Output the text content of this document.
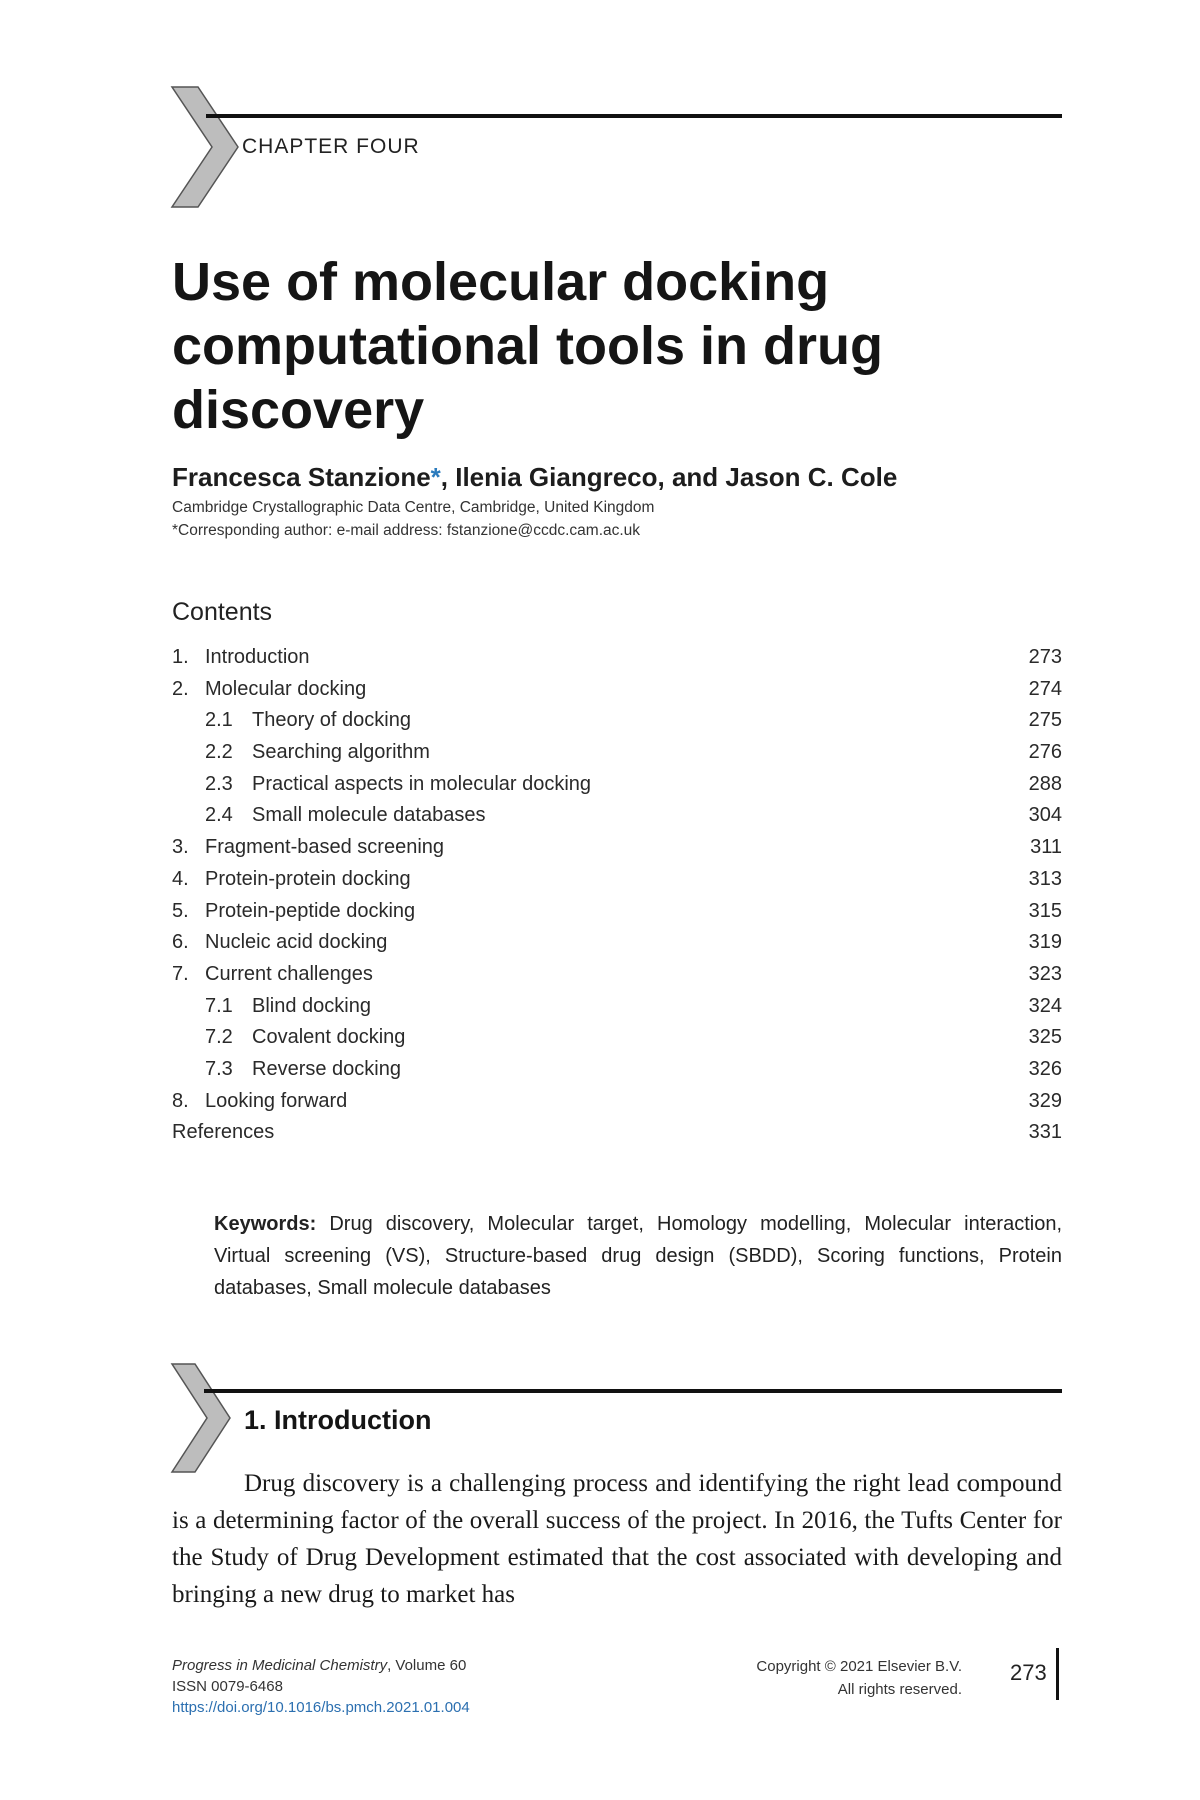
CHAPTER FOUR
Use of molecular docking computational tools in drug discovery
Francesca Stanzione*, Ilenia Giangreco, and Jason C. Cole
Cambridge Crystallographic Data Centre, Cambridge, United Kingdom
*Corresponding author: e-mail address: fstanzione@ccdc.cam.ac.uk
Contents
1. Introduction	273
2. Molecular docking	274
2.1 Theory of docking	275
2.2 Searching algorithm	276
2.3 Practical aspects in molecular docking	288
2.4 Small molecule databases	304
3. Fragment-based screening	311
4. Protein-protein docking	313
5. Protein-peptide docking	315
6. Nucleic acid docking	319
7. Current challenges	323
7.1 Blind docking	324
7.2 Covalent docking	325
7.3 Reverse docking	326
8. Looking forward	329
References	331
Keywords: Drug discovery, Molecular target, Homology modelling, Molecular interaction, Virtual screening (VS), Structure-based drug design (SBDD), Scoring functions, Protein databases, Small molecule databases
1. Introduction
Drug discovery is a challenging process and identifying the right lead compound is a determining factor of the overall success of the project. In 2016, the Tufts Center for the Study of Drug Development estimated that the cost associated with developing and bringing a new drug to market has
Progress in Medicinal Chemistry, Volume 60
ISSN 0079-6468
https://doi.org/10.1016/bs.pmch.2021.01.004
Copyright © 2021 Elsevier B.V.
All rights reserved.
273
